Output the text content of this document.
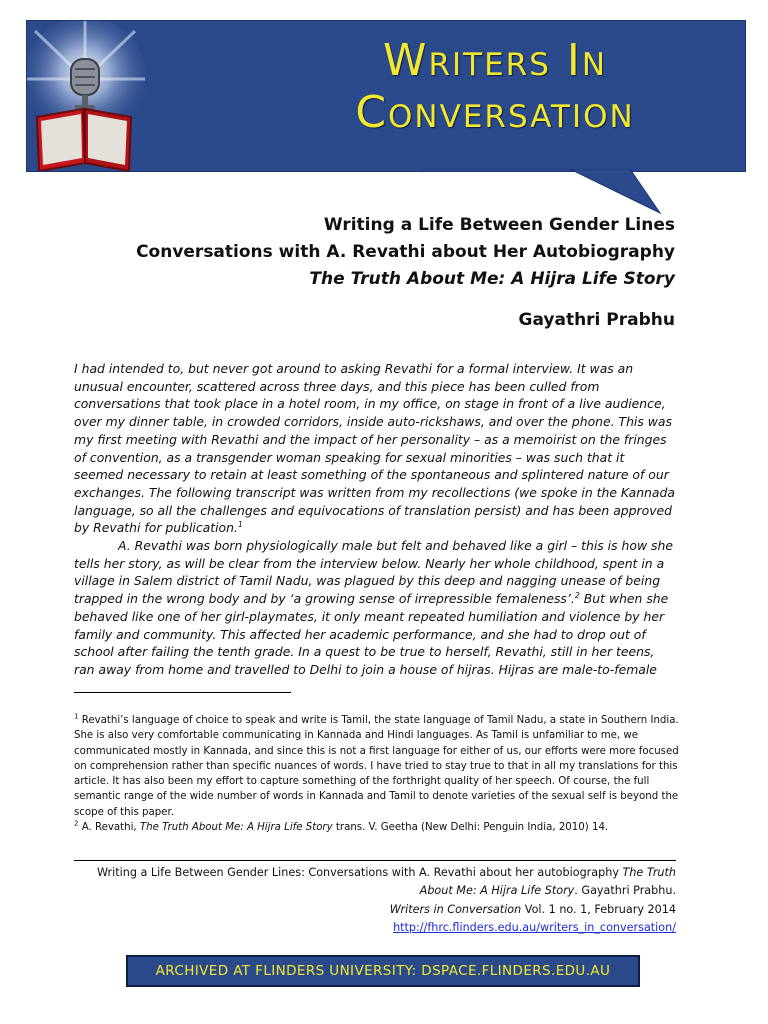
Writers In
Conversation
Writing a Life Between Gender Lines
Conversations with A. Revathi about Her Autobiography
The Truth About Me: A Hijra Life Story
Gayathri Prabhu

I had intended to, but never got around to asking Revathi for a formal interview. It was an unusual encounter, scattered across three days, and this piece has been culled from conversations that took place in a hotel room, in my office, on stage in front of a live audience, over my dinner table, in crowded corridors, inside auto-rickshaws, and over the phone. This was my first meeting with Revathi and the impact of her personality – as a memoirist on the fringes of convention, as a transgender woman speaking for sexual minorities – was such that it seemed necessary to retain at least something of the spontaneous and splintered nature of our exchanges. The following transcript was written from my recollections (we spoke in the Kannada language, so all the challenges and equivocations of translation persist) and has been approved by Revathi for publication.$^1$

A. Revathi was born physiologically male but felt and behaved like a girl – this is how she tells her story, as will be clear from the interview below. Nearly her whole childhood, spent in a village in Salem district of Tamil Nadu, was plagued by this deep and nagging unease of being trapped in the wrong body and by ‘a growing sense of irrepressible femaleness’.$^2$ But when she behaved like one of her girl-playmates, it only meant repeated humiliation and violence by her family and community. This affected her academic performance, and she had to drop out of school after failing the tenth grade. In a quest to be true to herself, Revathi, still in her teens, ran away from home and travelled to Delhi to join a house of hijras. Hijras are male-to-female

$^1$ Revathi’s language of choice to speak and write is Tamil, the state language of Tamil Nadu, a state in Southern India. She is also very comfortable communicating in Kannada and Hindi languages. As Tamil is unfamiliar to me, we communicated mostly in Kannada, and since this is not a first language for either of us, our efforts were more focused on comprehension rather than specific nuances of words. I have tried to stay true to that in all my translations for this article. It has also been my effort to capture something of the forthright quality of her speech. Of course, the full semantic range of the wide number of words in Kannada and Tamil to denote varieties of the sexual self is beyond the scope of this paper.

$^2$ A. Revathi, The Truth About Me: A Hijra Life Story trans. V. Geetha (New Delhi: Penguin India, 2010) 14.

Writing a Life Between Gender Lines: Conversations with A. Revathi about her autobiography The Truth About Me: A Hijra Life Story. Gayathri Prabhu.
Writers in Conversation Vol. 1 no. 1, February 2014
http://fhrc.flinders.edu.au/writers_in_conversation/
ARCHIVED AT FLINDERS UNIVERSITY: DSPACE.FLINDERS.EDU.AU
